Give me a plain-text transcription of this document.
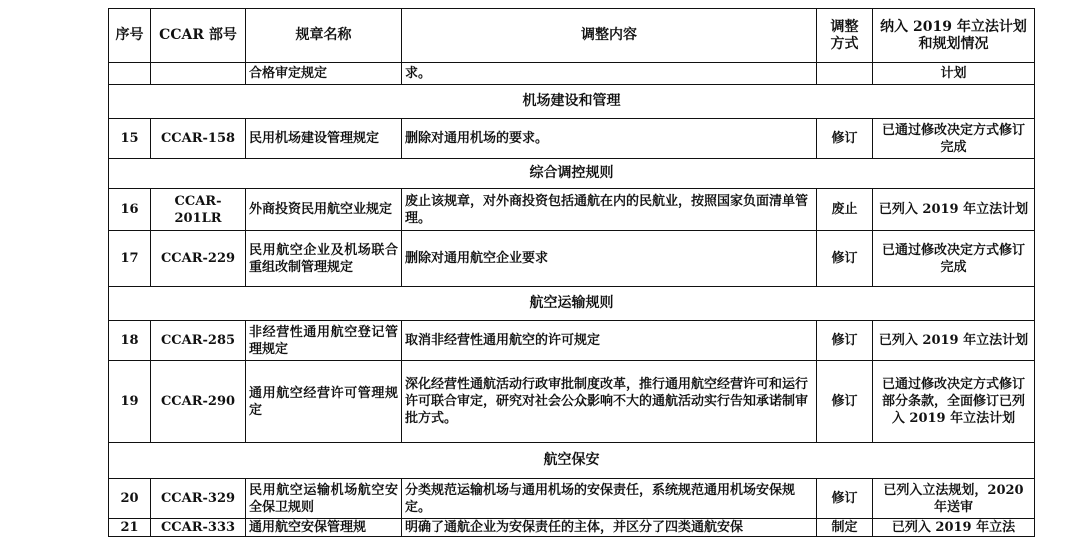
序号	CCAR 部号	规章名称	调整内容	调整方式	纳入 2019 年立法计划和规划情况
		合格审定规定	求。		计划
机场建设和管理					
15	CCAR-158	民用机场建设管理规定	删除对通用机场的要求。	修订	已通过修改决定方式修订完成
综合调控规则					
16	CCAR-201LR	外商投资民用航空业规定	废止该规章，对外商投资包括通航在内的民航业，按照国家负面清单管理。	废止	已列入 2019 年立法计划
17	CCAR-229	民用航空企业及机场联合重组改制管理规定	删除对通用航空企业要求	修订	已通过修改决定方式修订完成
航空运输规则					
18	CCAR-285	非经营性通用航空登记管理规定	取消非经营性通用航空的许可规定	修订	已列入 2019 年立法计划
19	CCAR-290	通用航空经营许可管理规定	深化经营性通航活动行政审批制度改革，推行通用航空经营许可和运行许可联合审定，研究对社会公众影响不大的通航活动实行告知承诺制审批方式。	修订	已通过修改决定方式修订部分条款，全面修订已列入 2019 年立法计划
航空保安					
20	CCAR-329	民用航空运输机场航空安全保卫规则	分类规范运输机场与通用机场的安保责任，系统规范通用机场安保规定。	修订	已列入立法规划，2020 年送审
21	CCAR-333	通用航空安保管理规	明确了通航企业为安保责任的主体，并区分了四类通航安保	制定	已列入 2019 年立法
